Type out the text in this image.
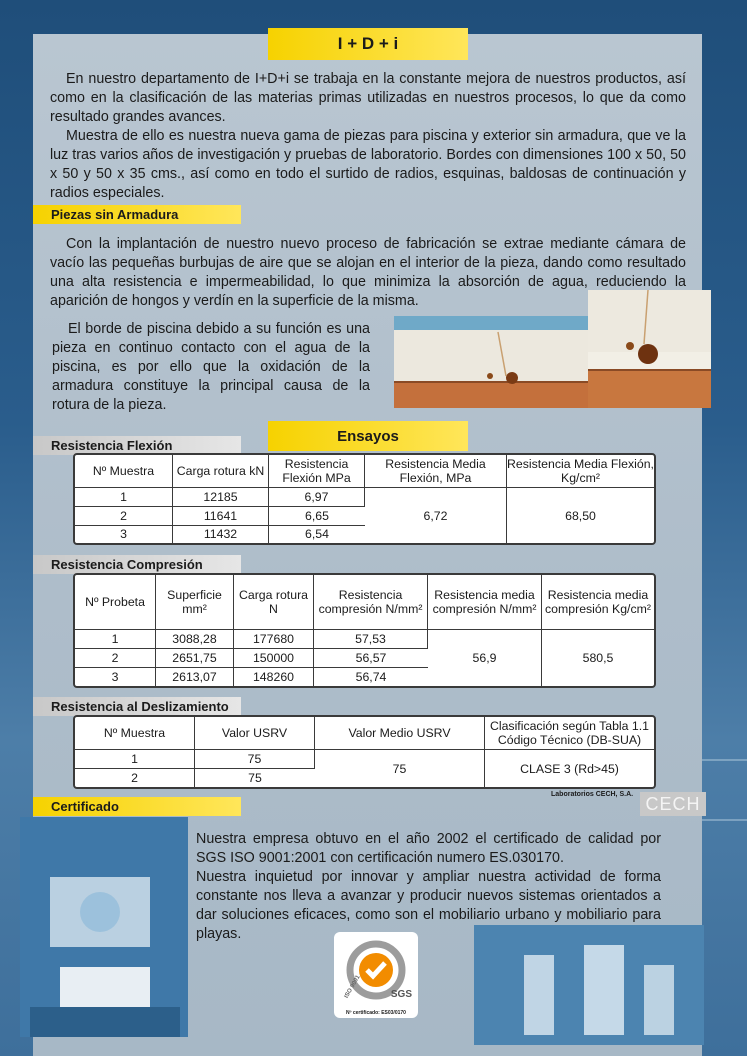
I + D + i

En nuestro departamento de I+D+i se trabaja en la constante mejora de nuestros productos, así como en la clasificación de las materias primas utilizadas en nuestros procesos, lo que da como resultado grandes avances.

Muestra de ello es nuestra nueva gama de piezas para piscina y exterior sin armadura, que ve la luz tras varios años de investigación y pruebas de laboratorio. Bordes con dimensiones 100 x 50, 50 x 50 y 50 x 35 cms., así como en todo el surtido de radios, esquinas, baldosas de continuación y radios especiales.

Piezas sin Armadura

Con la implantación de nuestro nuevo proceso de fabricación se extrae mediante cámara de vacío las pequeñas burbujas de aire que se alojan en el interior de la pieza, dando como resultado una alta resistencia e impermeabilidad, lo que minimiza la absorción de agua, reduciendo la aparición de hongos y verdín en la superficie de la misma.

El borde de piscina debido a su función es una pieza en continuo contacto con el agua de la piscina, es por ello que la oxidación de la armadura constituye la principal causa de la rotura de la pieza.

Ensayos
Resistencia Flexión
Nº Muestra	Carga rotura kN	Resistencia Flexión MPa	Resistencia Media Flexión, MPa	Resistencia Media Flexión, Kg/cm²
1	12185	6,97	6,72	68,50
2	11641	6,65		
3	11432	6,54		
Resistencia Compresión
Nº Probeta	Superficie mm²	Carga rotura N	Resistencia compresión N/mm²	Resistencia media compresión N/mm²	Resistencia media compresión Kg/cm²
1	3088,28	177680	57,53	56,9	580,5
2	2651,75	150000	56,57		
3	2613,07	148260	56,74		
Resistencia al Deslizamiento
Nº Muestra	Valor USRV	Valor Medio USRV	Clasificación según Tabla 1.1 Código Técnico (DB-SUA)
1	75	75	CLASE 3 (Rd>45)
2	75		
Laboratorios CECH, S.A. CECH
Certificado

Nuestra empresa obtuvo en el año 2002 el certificado de calidad por SGS ISO 9001:2001 con certificación numero ES.030170.

Nuestra inquietud por innovar y ampliar nuestra actividad de forma constante nos lleva a avanzar y producir nuevos sistemas orientados a dar soluciones eficaces, como son el mobiliario urbano y mobiliario para playas.

ISO 9001	SGS
Nº certificado: ES03/0170
